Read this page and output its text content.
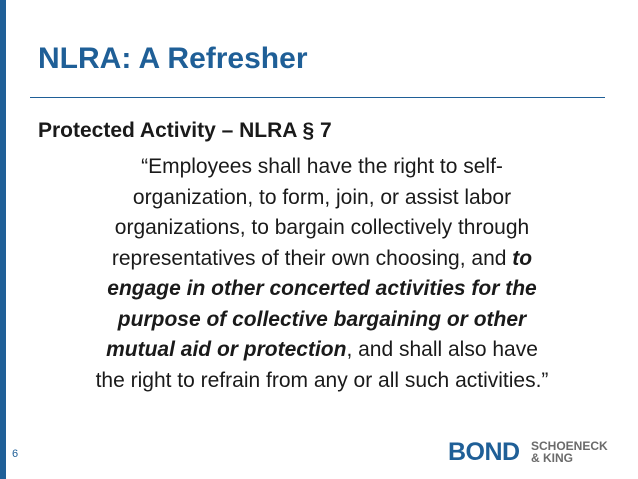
NLRA: A Refresher
Protected Activity – NLRA § 7
“Employees shall have the right to self-
organization, to form, join, or assist labor
organizations, to bargain collectively through
representatives of their own choosing, and to
engage in other concerted activities for the
purpose of collective bargaining or other
mutual aid or protection, and shall also have
the right to refrain from any or all such activities.”
6	BOND SCHOENECK
& KING
